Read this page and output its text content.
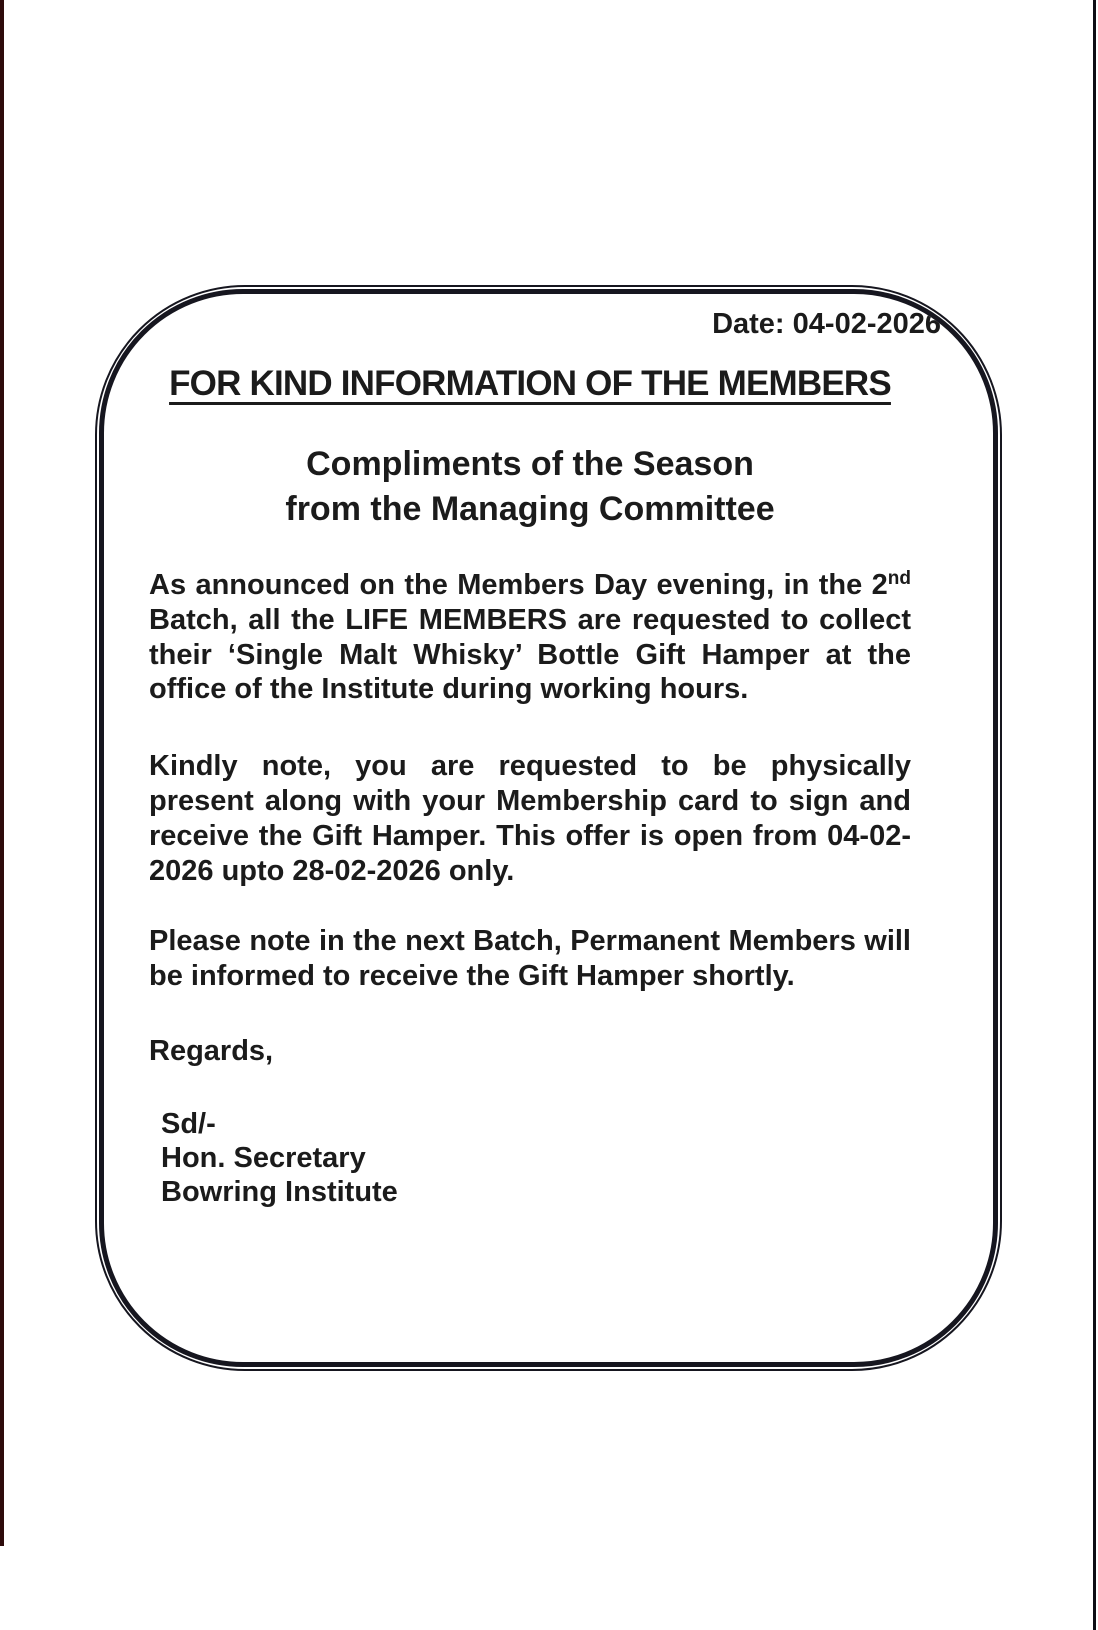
Date: 04-02-2026
FOR KIND INFORMATION OF THE MEMBERS
Compliments of the Season
from the Managing Committee

As announced on the Members Day evening, in the 2nd Batch, all the LIFE MEMBERS are requested to collect their ‘Single Malt Whisky’ Bottle Gift Hamper at the office of the Institute during working hours.

Kindly note, you are requested to be physically present along with your Membership card to sign and receive the Gift Hamper. This offer is open from 04-02-2026 upto 28-02-2026 only.

Please note in the next Batch, Permanent Members will be informed to receive the Gift Hamper shortly.

Regards,
Sd/-
Hon. Secretary
Bowring Institute
